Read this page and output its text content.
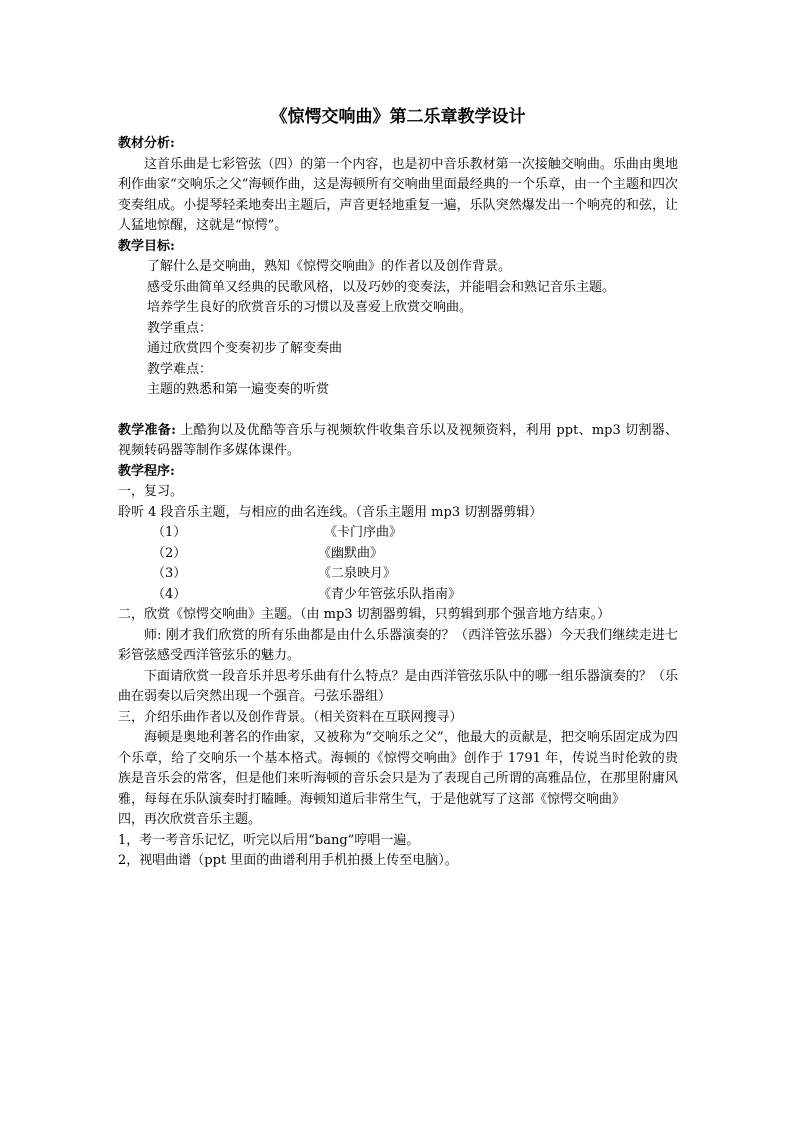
《惊愕交响曲》第二乐章教学设计

教材分析:

这首乐曲是七彩管弦（四）的第一个内容，也是初中音乐教材第一次接触交响曲。乐曲由奥地利作曲家“交响乐之父”海顿作曲，这是海顿所有交响曲里面最经典的一个乐章，由一个主题和四次变奏组成。小提琴轻柔地奏出主题后，声音更轻地重复一遍，乐队突然爆发出一个响亮的和弦，让人猛地惊醒，这就是“惊愕”。

教学目标:

了解什么是交响曲，熟知《惊愕交响曲》的作者以及创作背景。

感受乐曲简单又经典的民歌风格，以及巧妙的变奏法，并能唱会和熟记音乐主题。

培养学生良好的欣赏音乐的习惯以及喜爱上欣赏交响曲。

教学重点：

通过欣赏四个变奏初步了解变奏曲

教学难点：

主题的熟悉和第一遍变奏的听赏

教学准备: 上酷狗以及优酷等音乐与视频软件收集音乐以及视频资料，利用 ppt、mp3 切割器、视频转码器等制作多媒体课件。

教学程序:

一，复习。

聆听 4 段音乐主题，与相应的曲名连线。（音乐主题用 mp3 切割器剪辑）

（1）	《卡门序曲》
（2）	《幽默曲》
（3）	《二泉映月》
（4）	《青少年管弦乐队指南》

二，欣赏《惊愕交响曲》主题。（由 mp3 切割器剪辑，只剪辑到那个强音地方结束。）

师: 刚才我们欣赏的所有乐曲都是由什么乐器演奏的？（西洋管弦乐器）今天我们继续走进七彩管弦感受西洋管弦乐的魅力。

下面请欣赏一段音乐并思考乐曲有什么特点？是由西洋管弦乐队中的哪一组乐器演奏的？（乐曲在弱奏以后突然出现一个强音。弓弦乐器组）

三，介绍乐曲作者以及创作背景。（相关资料在互联网搜寻）

海顿是奥地利著名的作曲家，又被称为“交响乐之父”，他最大的贡献是，把交响乐固定成为四个乐章，给了交响乐一个基本格式。海顿的《惊愕交响曲》创作于 1791 年，传说当时伦敦的贵族是音乐会的常客，但是他们来听海顿的音乐会只是为了表现自己所谓的高雅品位，在那里附庸风雅，每每在乐队演奏时打瞌睡。海顿知道后非常生气，于是他就写了这部《惊愕交响曲》

四，再次欣赏音乐主题。

1，考一考音乐记忆，听完以后用“bang”哼唱一遍。

2，视唱曲谱（ppt 里面的曲谱利用手机拍摄上传至电脑）。
